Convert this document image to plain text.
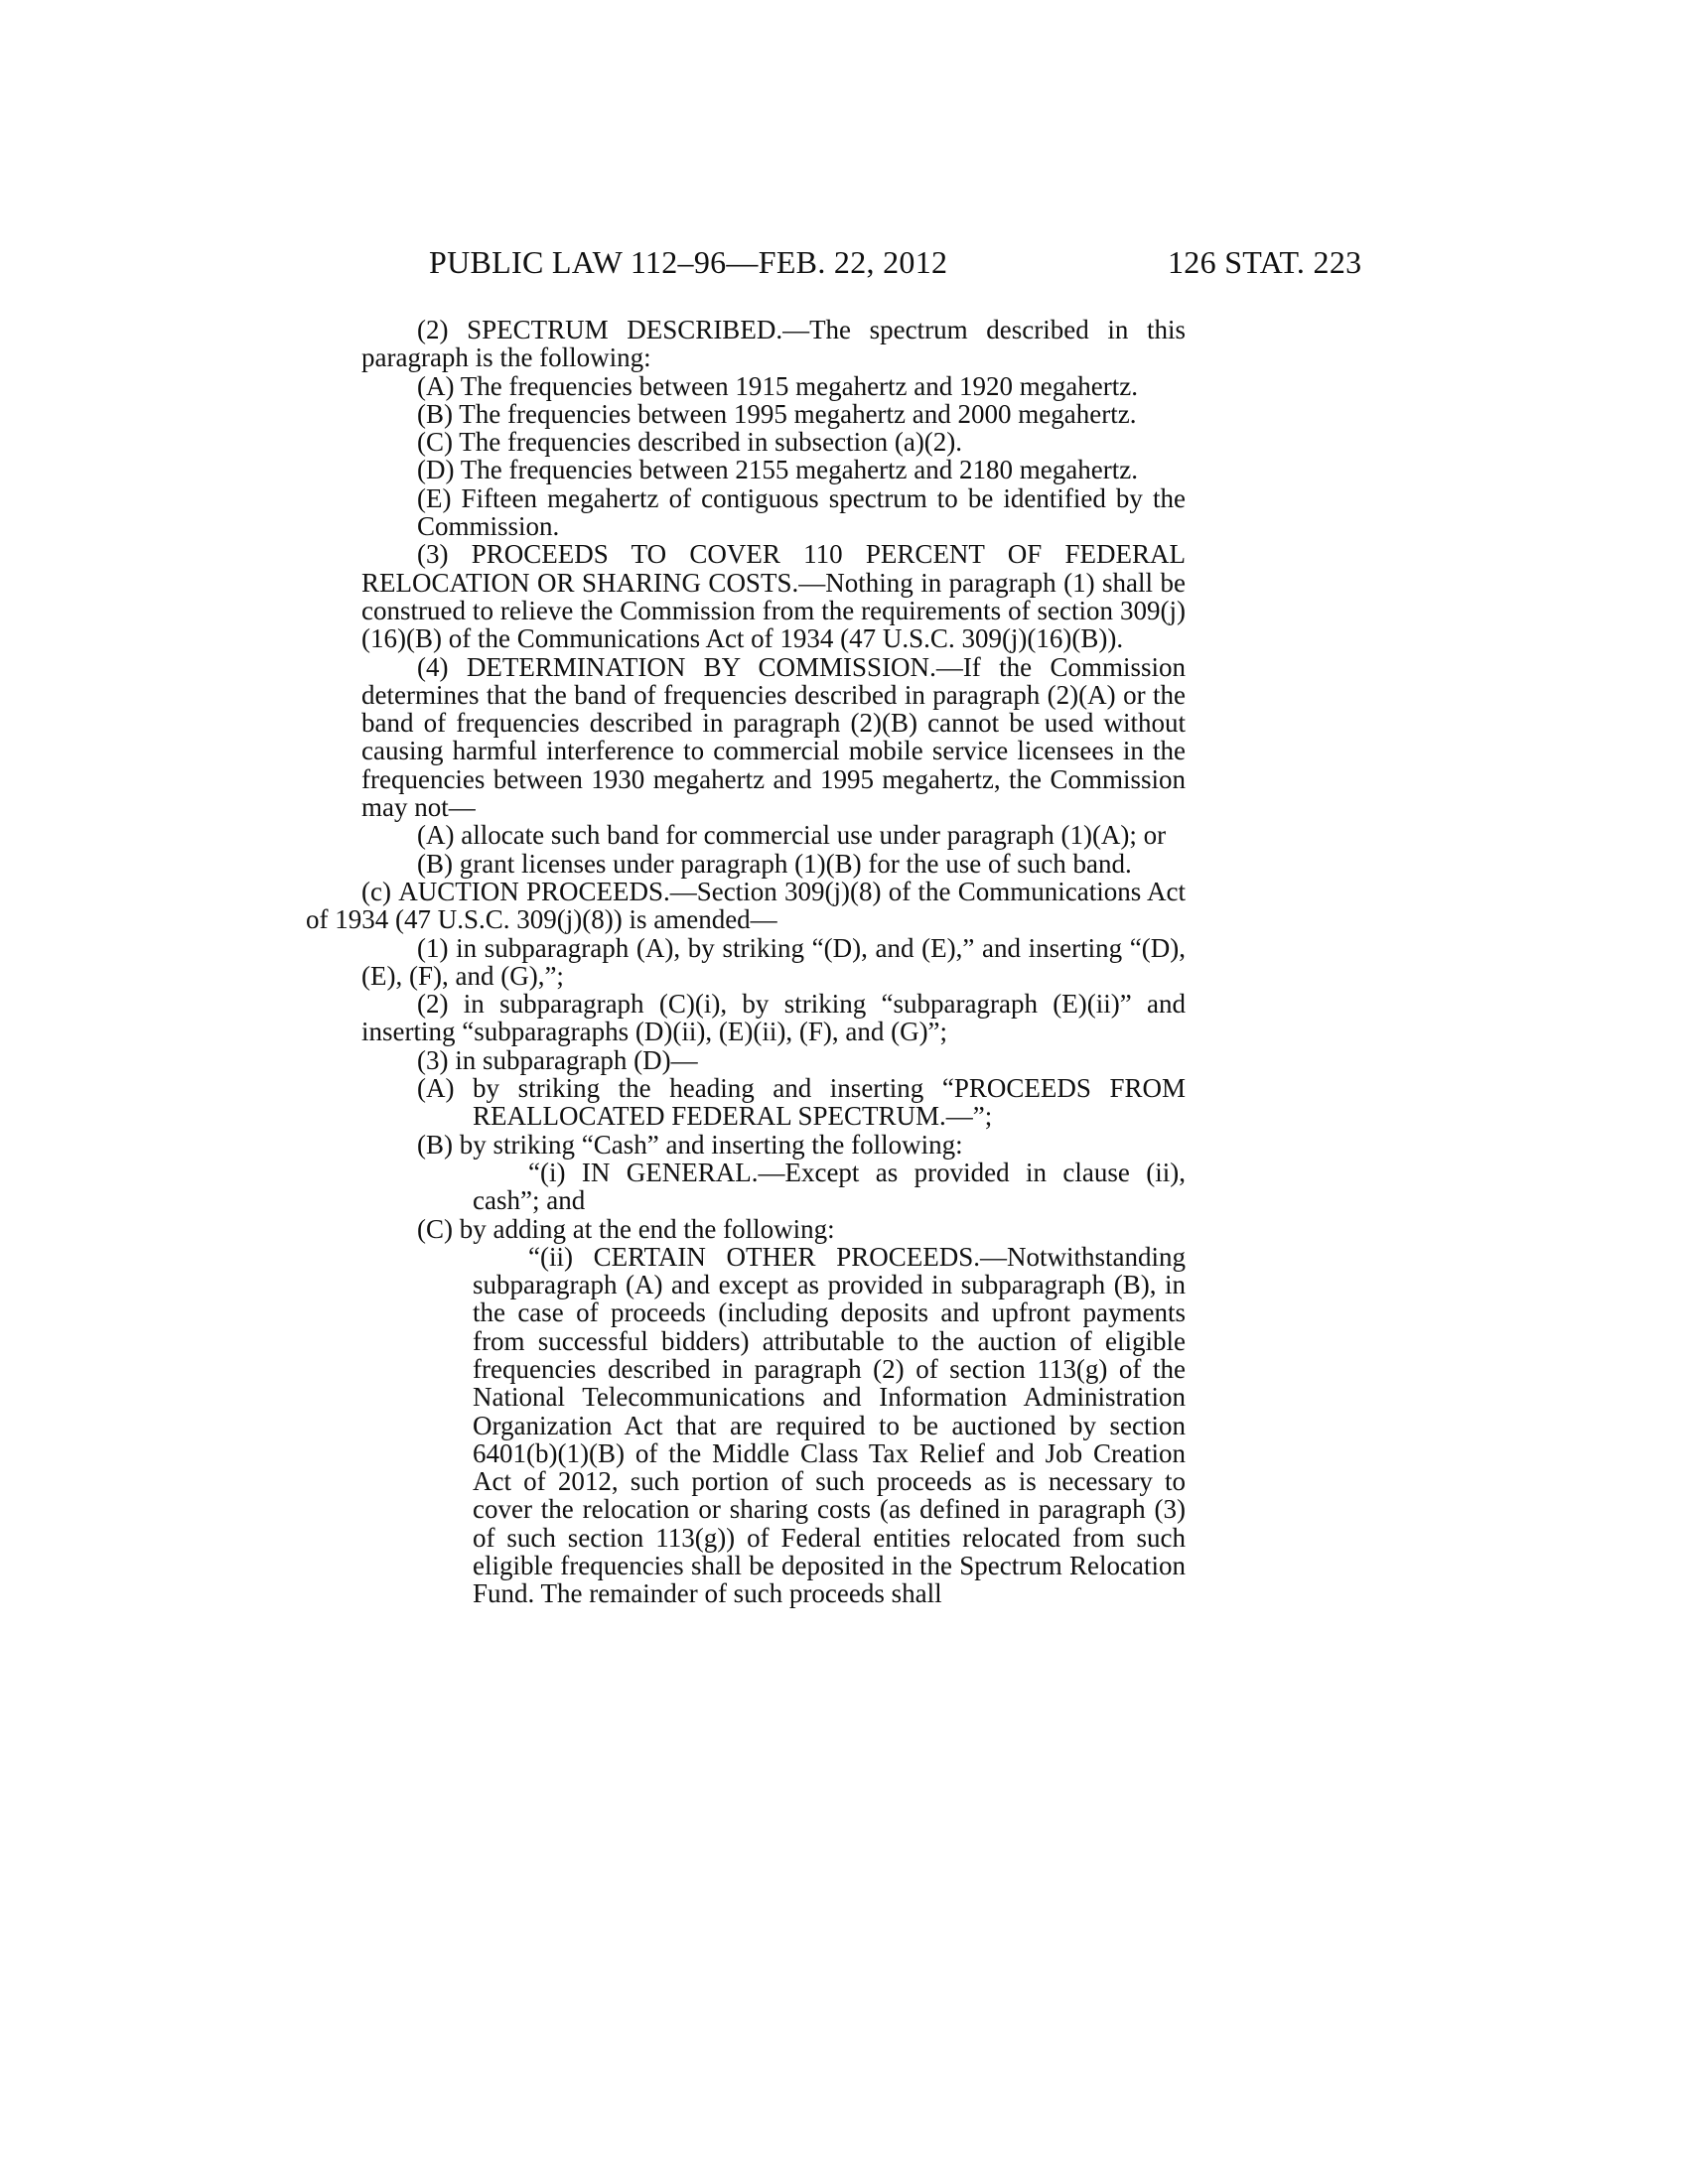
PUBLIC LAW 112–96—FEB. 22, 2012	126 STAT. 223

(2) SPECTRUM DESCRIBED.—The spectrum described in this paragraph is the following:

(A) The frequencies between 1915 megahertz and 1920 megahertz.

(B) The frequencies between 1995 megahertz and 2000 megahertz.

(C) The frequencies described in subsection (a)(2).

(D) The frequencies between 2155 megahertz and 2180 megahertz.

(E) Fifteen megahertz of contiguous spectrum to be identified by the Commission.

(3) PROCEEDS TO COVER 110 PERCENT OF FEDERAL RELOCATION OR SHARING COSTS.—Nothing in paragraph (1) shall be construed to relieve the Commission from the requirements of section 309(j)(16)(B) of the Communications Act of 1934 (47 U.S.C. 309(j)(16)(B)).

(4) DETERMINATION BY COMMISSION.—If the Commission determines that the band of frequencies described in paragraph (2)(A) or the band of frequencies described in paragraph (2)(B) cannot be used without causing harmful interference to commercial mobile service licensees in the frequencies between 1930 megahertz and 1995 megahertz, the Commission may not—

(A) allocate such band for commercial use under paragraph (1)(A); or

(B) grant licenses under paragraph (1)(B) for the use of such band.

(c) AUCTION PROCEEDS.—Section 309(j)(8) of the Communications Act of 1934 (47 U.S.C. 309(j)(8)) is amended—

(1) in subparagraph (A), by striking “(D), and (E),” and inserting “(D), (E), (F), and (G),”;

(2) in subparagraph (C)(i), by striking “subparagraph (E)(ii)” and inserting “subparagraphs (D)(ii), (E)(ii), (F), and (G)”;

(3) in subparagraph (D)—

(A) by striking the heading and inserting “PROCEEDS FROM REALLOCATED FEDERAL SPECTRUM.—”;

(B) by striking “Cash” and inserting the following:

“(i) IN GENERAL.—Except as provided in clause (ii), cash”; and

(C) by adding at the end the following:

“(ii) CERTAIN OTHER PROCEEDS.—Notwithstanding subparagraph (A) and except as provided in subparagraph (B), in the case of proceeds (including deposits and upfront payments from successful bidders) attributable to the auction of eligible frequencies described in paragraph (2) of section 113(g) of the National Telecommunications and Information Administration Organization Act that are required to be auctioned by section 6401(b)(1)(B) of the Middle Class Tax Relief and Job Creation Act of 2012, such portion of such proceeds as is necessary to cover the relocation or sharing costs (as defined in paragraph (3) of such section 113(g)) of Federal entities relocated from such eligible frequencies shall be deposited in the Spectrum Relocation Fund. The remainder of such proceeds shall
